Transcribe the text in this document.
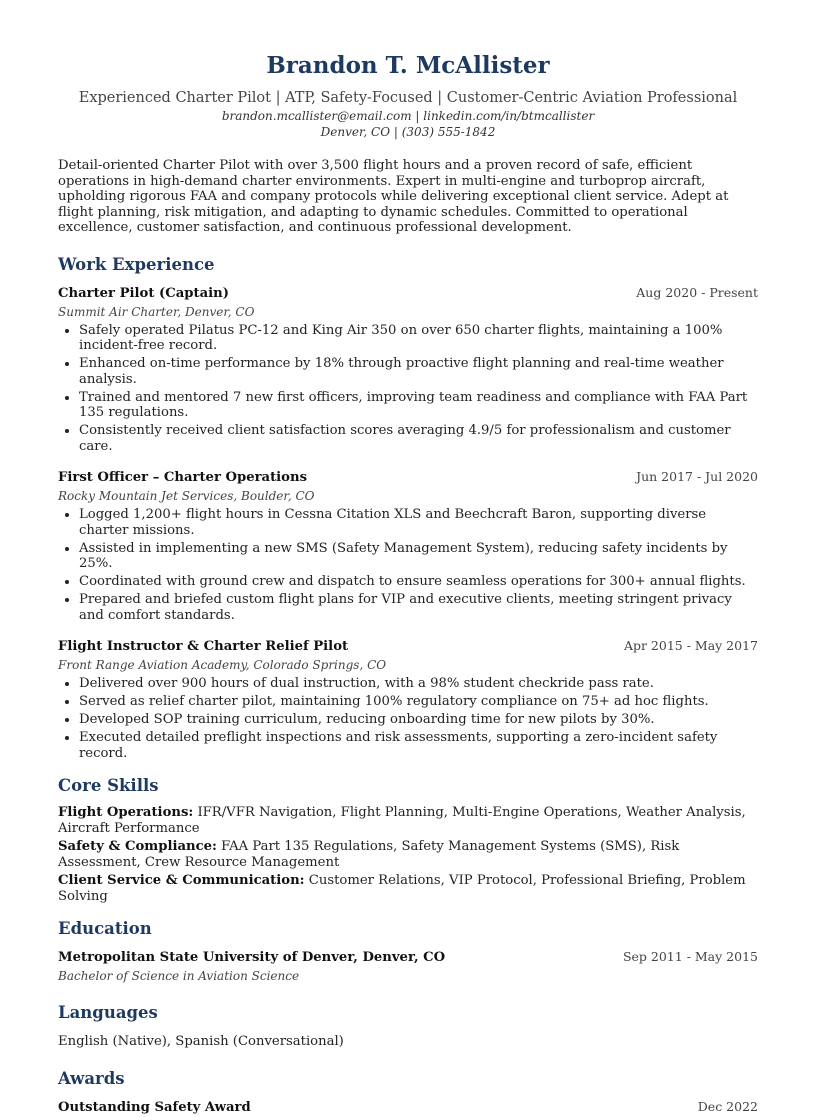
Brandon T. McAllister
Experienced Charter Pilot | ATP, Safety-Focused | Customer-Centric Aviation Professional
brandon.mcallister@email.com | linkedin.com/in/btmcallister
Denver, CO | (303) 555-1842
Detail-oriented Charter Pilot with over 3,500 flight hours and a proven record of safe, efficient operations in high-demand charter environments. Expert in multi-engine and turboprop aircraft, upholding rigorous FAA and company protocols while delivering exceptional client service. Adept at flight planning, risk mitigation, and adapting to dynamic schedules. Committed to operational excellence, customer satisfaction, and continuous professional development.
Work Experience
Charter Pilot (Captain)	Aug 2020 - Present
Summit Air Charter, Denver, CO
• Safely operated Pilatus PC-12 and King Air 350 on over 650 charter flights, maintaining a 100% incident-free record.
• Enhanced on-time performance by 18% through proactive flight planning and real-time weather analysis.
• Trained and mentored 7 new first officers, improving team readiness and compliance with FAA Part 135 regulations.
• Consistently received client satisfaction scores averaging 4.9/5 for professionalism and customer care.
First Officer – Charter Operations	Jun 2017 - Jul 2020
Rocky Mountain Jet Services, Boulder, CO
• Logged 1,200+ flight hours in Cessna Citation XLS and Beechcraft Baron, supporting diverse charter missions.
• Assisted in implementing a new SMS (Safety Management System), reducing safety incidents by 25%.
• Coordinated with ground crew and dispatch to ensure seamless operations for 300+ annual flights.
• Prepared and briefed custom flight plans for VIP and executive clients, meeting stringent privacy and comfort standards.
Flight Instructor & Charter Relief Pilot	Apr 2015 - May 2017
Front Range Aviation Academy, Colorado Springs, CO
• Delivered over 900 hours of dual instruction, with a 98% student checkride pass rate.
• Served as relief charter pilot, maintaining 100% regulatory compliance on 75+ ad hoc flights.
• Developed SOP training curriculum, reducing onboarding time for new pilots by 30%.
• Executed detailed preflight inspections and risk assessments, supporting a zero-incident safety record.
Core Skills
Flight Operations: IFR/VFR Navigation, Flight Planning, Multi-Engine Operations, Weather Analysis, Aircraft Performance
Safety & Compliance: FAA Part 135 Regulations, Safety Management Systems (SMS), Risk Assessment, Crew Resource Management
Client Service & Communication: Customer Relations, VIP Protocol, Professional Briefing, Problem Solving
Education
Metropolitan State University of Denver, Denver, CO	Sep 2011 - May 2015
Bachelor of Science in Aviation Science
Languages
English (Native), Spanish (Conversational)
Awards
Outstanding Safety Award	Dec 2022
